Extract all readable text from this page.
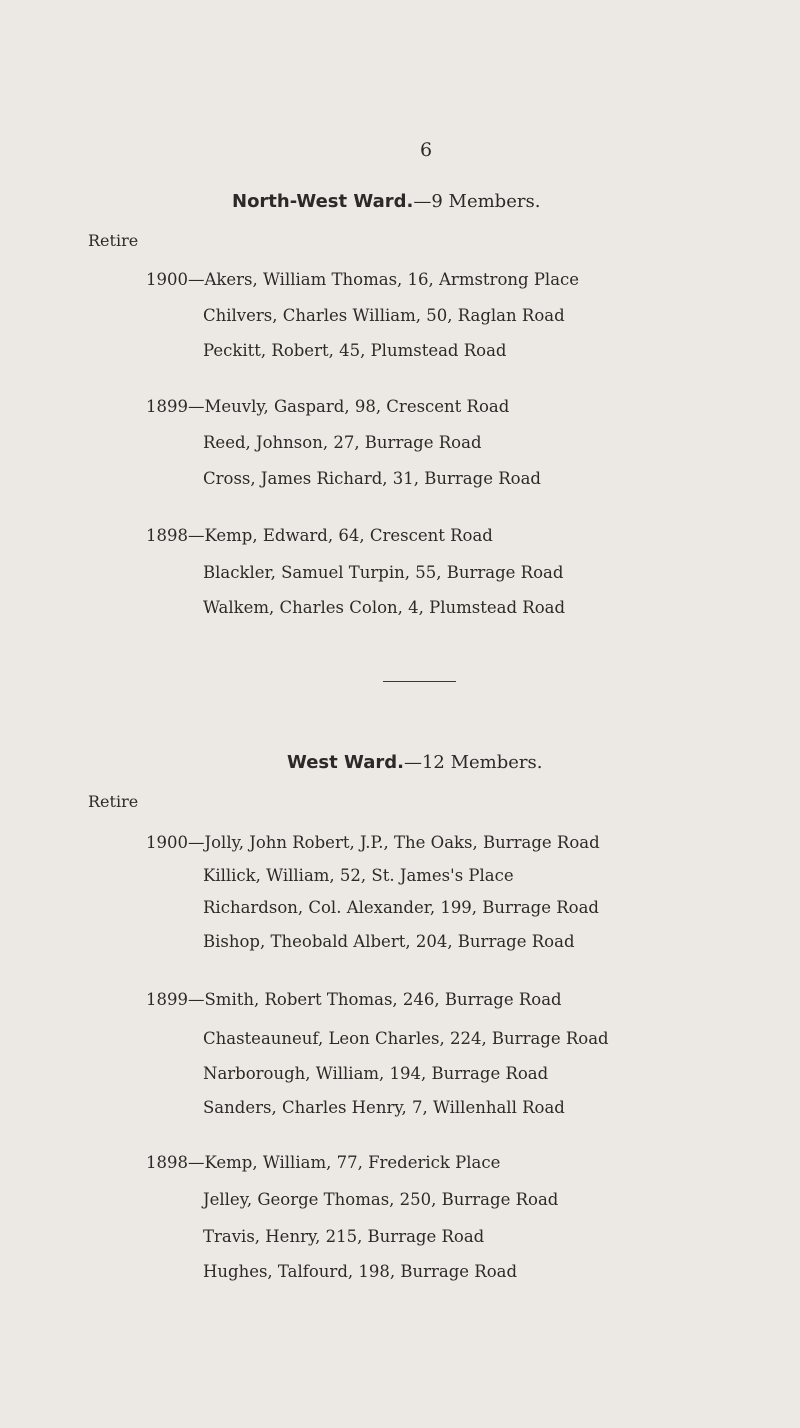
6
North-West Ward.—9 Members.
Retire
1900—Akers, William Thomas, 16, Armstrong Place
Chilvers, Charles William, 50, Raglan Road
Peckitt, Robert, 45, Plumstead Road
1899—Meuvly, Gaspard, 98, Crescent Road
Reed, Johnson, 27, Burrage Road
Cross, James Richard, 31, Burrage Road
1898—Kemp, Edward, 64, Crescent Road
Blackler, Samuel Turpin, 55, Burrage Road
Walkem, Charles Colon, 4, Plumstead Road
West Ward.—12 Members.
Retire
1900—Jolly, John Robert, J.P., The Oaks, Burrage Road
Killick, William, 52, St. James's Place
Richardson, Col. Alexander, 199, Burrage Road
Bishop, Theobald Albert, 204, Burrage Road
1899—Smith, Robert Thomas, 246, Burrage Road
Chasteauneuf, Leon Charles, 224, Burrage Road
Narborough, William, 194, Burrage Road
Sanders, Charles Henry, 7, Willenhall Road
1898—Kemp, William, 77, Frederick Place
Jelley, George Thomas, 250, Burrage Road
Travis, Henry, 215, Burrage Road
Hughes, Talfourd, 198, Burrage Road
